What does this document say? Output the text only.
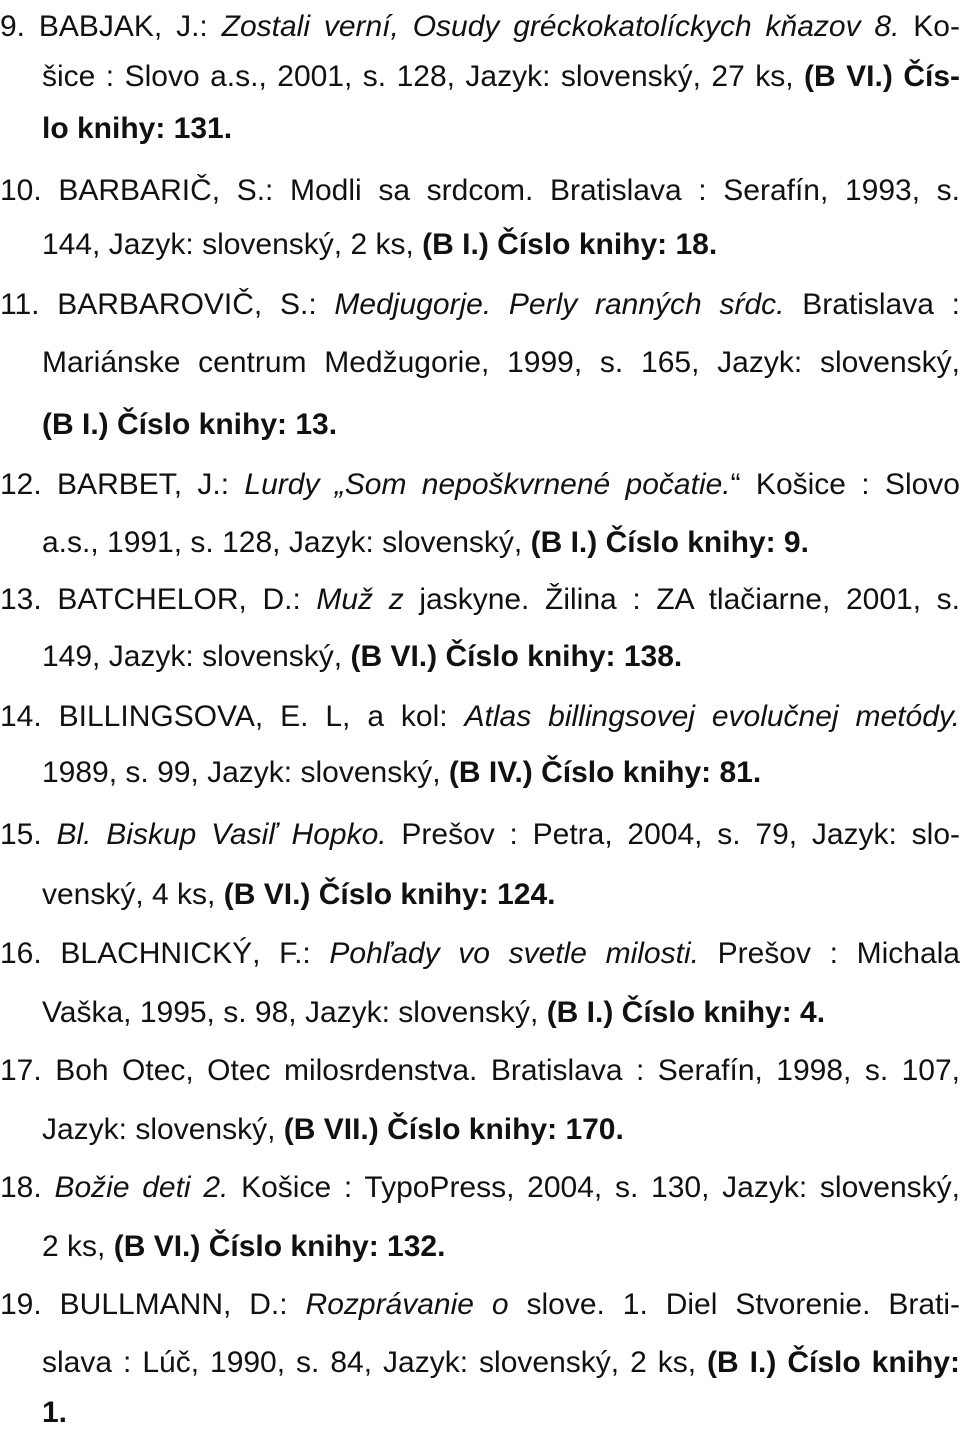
9. BABJAK, J.: Zostali verní, Osudy gréckokatolíckych kňazov 8. Ko-
šice : Slovo a.s., 2001, s. 128, Jazyk: slovenský, 27 ks, (B VI.) Čís-
lo knihy: 131.
10. BARBARIČ, S.: Modli sa srdcom. Bratislava : Serafín, 1993, s.
144, Jazyk: slovenský, 2 ks, (B I.) Číslo knihy: 18.
11. BARBAROVIČ, S.: Medjugorje. Perly ranných sŕdc. Bratislava :
Mariánske centrum Medžugorie, 1999, s. 165, Jazyk: slovenský,
(B I.) Číslo knihy: 13.
12. BARBET, J.: Lurdy „Som nepoškvrnené počatie.“ Košice : Slovo
a.s., 1991, s. 128, Jazyk: slovenský, (B I.) Číslo knihy: 9.
13. BATCHELOR, D.: Muž z jaskyne. Žilina : ZA tlačiarne, 2001, s.
149, Jazyk: slovenský, (B VI.) Číslo knihy: 138.
14. BILLINGSOVA, E. L, a kol: Atlas billingsovej evolučnej metódy.
1989, s. 99, Jazyk: slovenský, (B IV.) Číslo knihy: 81.
15. Bl. Biskup Vasiľ Hopko. Prešov : Petra, 2004, s. 79, Jazyk: slo-
venský, 4 ks, (B VI.) Číslo knihy: 124.
16. BLACHNICKÝ, F.: Pohľady vo svetle milosti. Prešov : Michala
Vaška, 1995, s. 98, Jazyk: slovenský, (B I.) Číslo knihy: 4.
17. Boh Otec, Otec milosrdenstva. Bratislava : Serafín, 1998, s. 107,
Jazyk: slovenský, (B VII.) Číslo knihy: 170.
18. Božie deti 2. Košice : TypoPress, 2004, s. 130, Jazyk: slovenský,
2 ks, (B VI.) Číslo knihy: 132.
19. BULLMANN, D.: Rozprávanie o slove. 1. Diel Stvorenie. Brati-
slava : Lúč, 1990, s. 84, Jazyk: slovenský, 2 ks, (B I.) Číslo knihy:
1.
